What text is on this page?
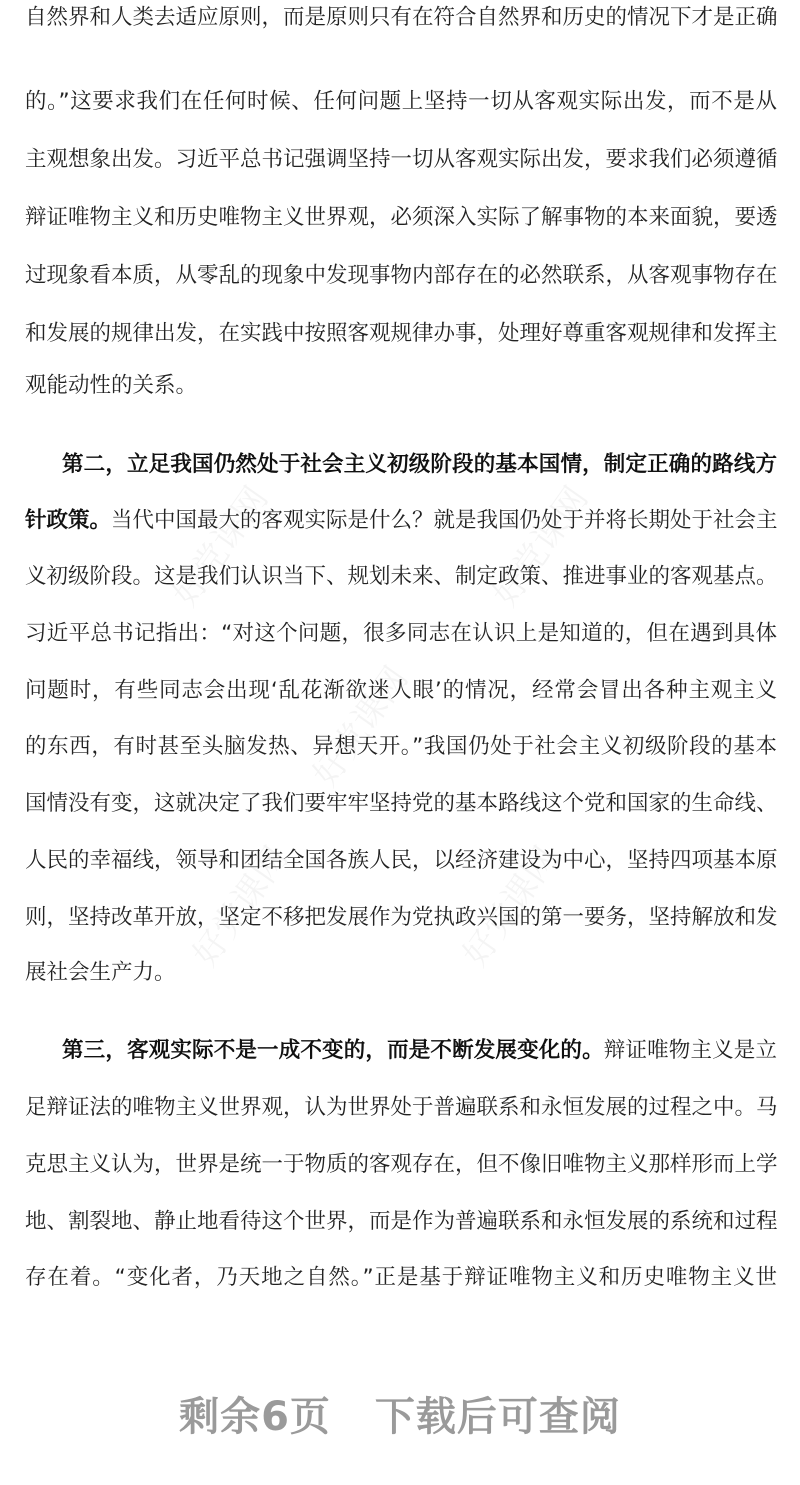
自然界和人类去适应原则，而是原则只有在符合自然界和历史的情况下才是正确
的。”这要求我们在任何时候、任何问题上坚持一切从客观实际出发，而不是从
主观想象出发。习近平总书记强调坚持一切从客观实际出发，要求我们必须遵循
辩证唯物主义和历史唯物主义世界观，必须深入实际了解事物的本来面貌，要透
过现象看本质，从零乱的现象中发现事物内部存在的必然联系，从客观事物存在
和发展的规律出发，在实践中按照客观规律办事，处理好尊重客观规律和发挥主
观能动性的关系。
第二，立足我国仍然处于社会主义初级阶段的基本国情，制定正确的路线方
针政策。当代中国最大的客观实际是什么？就是我国仍处于并将长期处于社会主
义初级阶段。这是我们认识当下、规划未来、制定政策、推进事业的客观基点。
习近平总书记指出：“对这个问题，很多同志在认识上是知道的，但在遇到具体
问题时，有些同志会出现‘乱花渐欲迷人眼’的情况，经常会冒出各种主观主义
的东西，有时甚至头脑发热、异想天开。”我国仍处于社会主义初级阶段的基本
国情没有变，这就决定了我们要牢牢坚持党的基本路线这个党和国家的生命线、
人民的幸福线，领导和团结全国各族人民，以经济建设为中心，坚持四项基本原
则，坚持改革开放，坚定不移把发展作为党执政兴国的第一要务，坚持解放和发
展社会生产力。
第三，客观实际不是一成不变的，而是不断发展变化的。辩证唯物主义是立
足辩证法的唯物主义世界观，认为世界处于普遍联系和永恒发展的过程之中。马
克思主义认为，世界是统一于物质的客观存在，但不像旧唯物主义那样形而上学
地、割裂地、静止地看待这个世界，而是作为普遍联系和永恒发展的系统和过程
存在着。“变化者，乃天地之自然。”正是基于辩证唯物主义和历史唯物主义世
剩余6页 下载后可查阅
